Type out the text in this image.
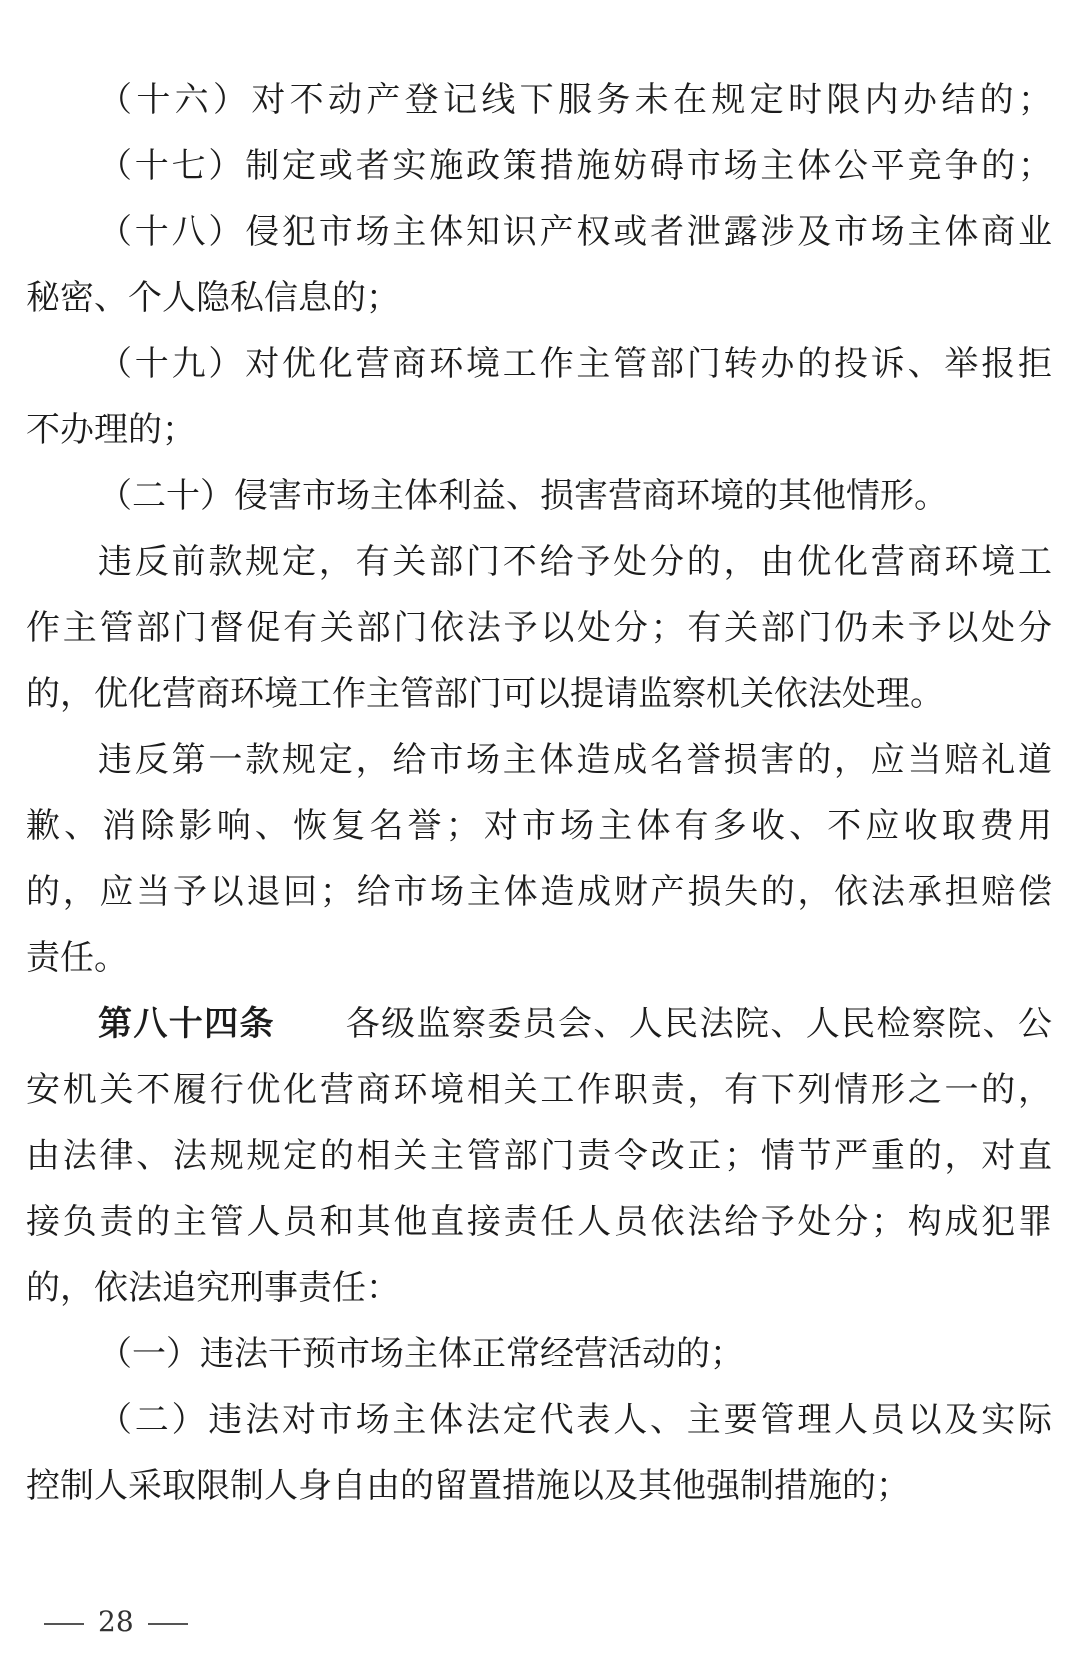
（十六）对不动产登记线下服务未在规定时限内办结的；
（十七）制定或者实施政策措施妨碍市场主体公平竞争的；
（十八）侵犯市场主体知识产权或者泄露涉及市场主体商业
秘密、个人隐私信息的；
（十九）对优化营商环境工作主管部门转办的投诉、举报拒
不办理的；
（二十）侵害市场主体利益、损害营商环境的其他情形。
违反前款规定，有关部门不给予处分的，由优化营商环境工
作主管部门督促有关部门依法予以处分；有关部门仍未予以处分
的，优化营商环境工作主管部门可以提请监察机关依法处理。
违反第一款规定，给市场主体造成名誉损害的，应当赔礼道
歉、消除影响、恢复名誉；对市场主体有多收、不应收取费用
的，应当予以退回；给市场主体造成财产损失的，依法承担赔偿
责任。
第八十四条　　 各级监察委员会、人民法院、人民检察院、公
安机关不履行优化营商环境相关工作职责，有下列情形之一的，
由法律、法规规定的相关主管部门责令改正；情节严重的，对直
接负责的主管人员和其他直接责任人员依法给予处分；构成犯罪
的，依法追究刑事责任：
（一）违法干预市场主体正常经营活动的；
（二）违法对市场主体法定代表人、主要管理人员以及实际
控制人采取限制人身自由的留置措施以及其他强制措施的；
28
